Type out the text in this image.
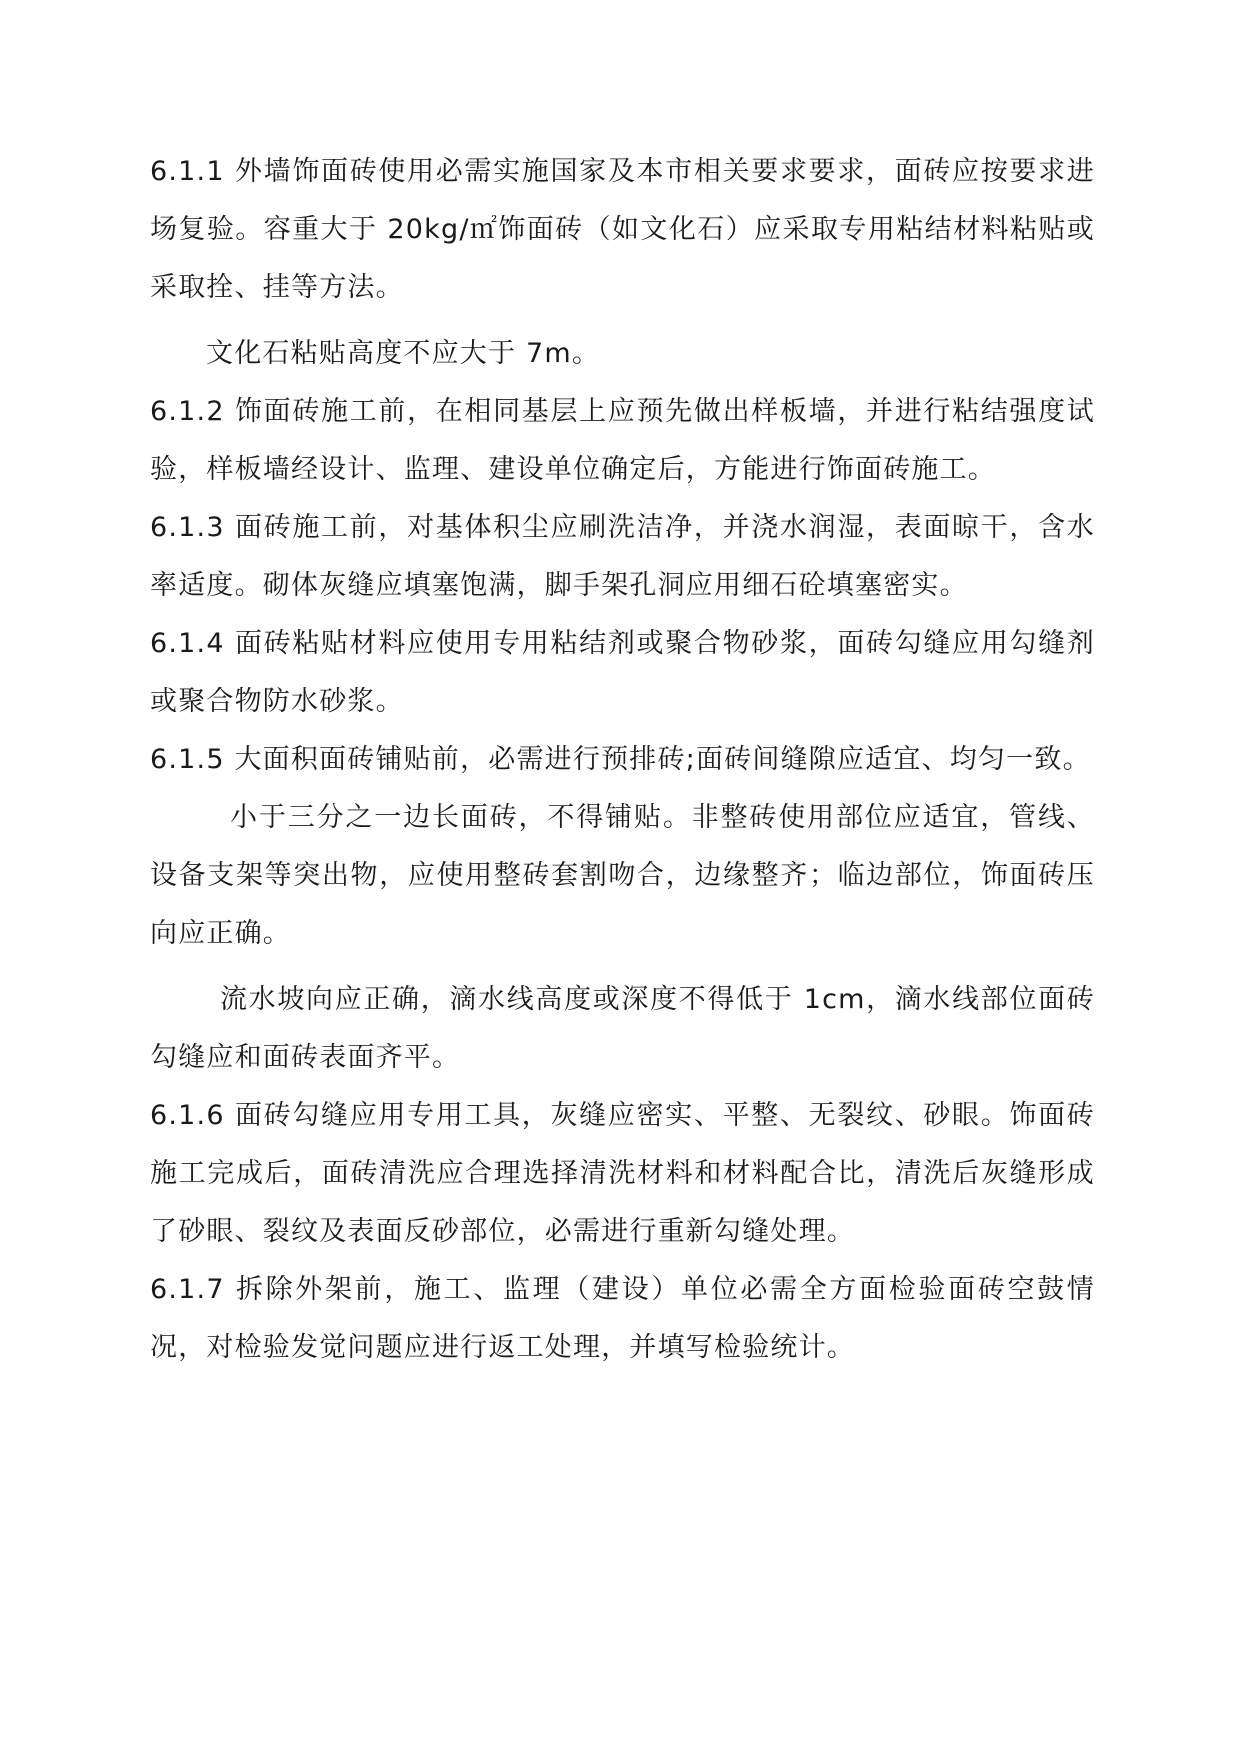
6.1.1 外墙饰面砖使用必需实施国家及本市相关要求要求，面砖应按要求进场复验。容重大于 20kg/㎡饰面砖（如文化石）应采取专用粘结材料粘贴或采取拴、挂等方法。

文化石粘贴高度不应大于 7m。

6.1.2 饰面砖施工前，在相同基层上应预先做出样板墙，并进行粘结强度试验，样板墙经设计、监理、建设单位确定后，方能进行饰面砖施工。

6.1.3 面砖施工前，对基体积尘应刷洗洁净，并浇水润湿，表面晾干，含水率适度。砌体灰缝应填塞饱满，脚手架孔洞应用细石砼填塞密实。

6.1.4 面砖粘贴材料应使用专用粘结剂或聚合物砂浆，面砖勾缝应用勾缝剂或聚合物防水砂浆。

6.1.5 大面积面砖铺贴前，必需进行预排砖;面砖间缝隙应适宜、均匀一致。

小于三分之一边长面砖，不得铺贴。非整砖使用部位应适宜，管线、设备支架等突出物，应使用整砖套割吻合，边缘整齐；临边部位，饰面砖压向应正确。

流水坡向应正确，滴水线高度或深度不得低于 1cm，滴水线部位面砖勾缝应和面砖表面齐平。

6.1.6 面砖勾缝应用专用工具，灰缝应密实、平整、无裂纹、砂眼。饰面砖施工完成后，面砖清洗应合理选择清洗材料和材料配合比，清洗后灰缝形成了砂眼、裂纹及表面反砂部位，必需进行重新勾缝处理。

6.1.7 拆除外架前，施工、监理（建设）单位必需全方面检验面砖空鼓情况，对检验发觉问题应进行返工处理，并填写检验统计。
